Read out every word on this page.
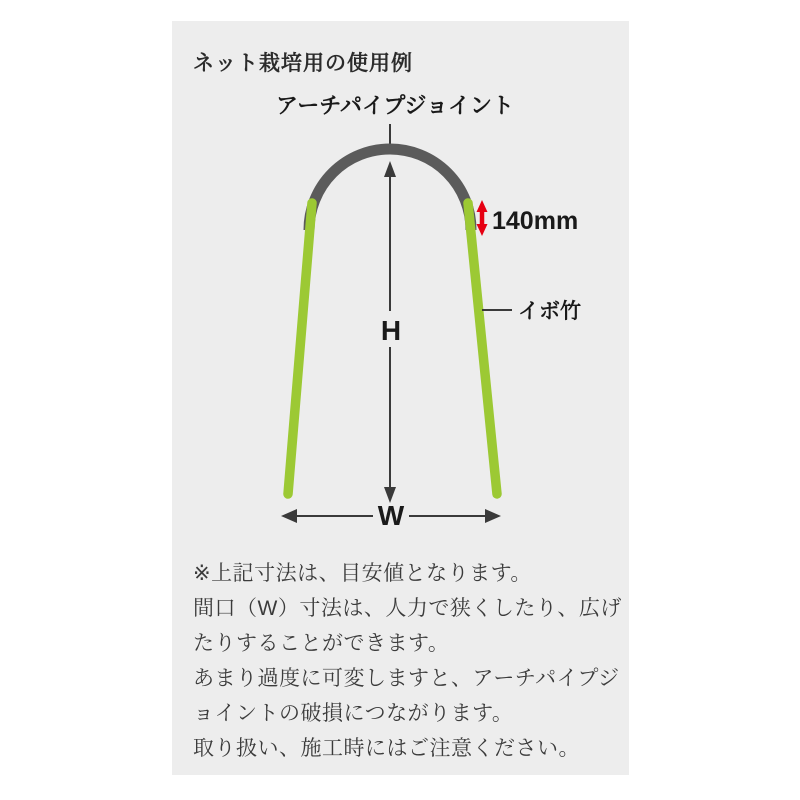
ネット栽培用の使用例
アーチパイプジョイント
140mm
H
W
イボ竹

※上記寸法は、目安値となります。

間口（W）寸法は、人力で狭くしたり、広げたりすることができます。

あまり過度に可変しますと、アーチパイプジョイントの破損につながります。

取り扱い、施工時にはご注意ください。
